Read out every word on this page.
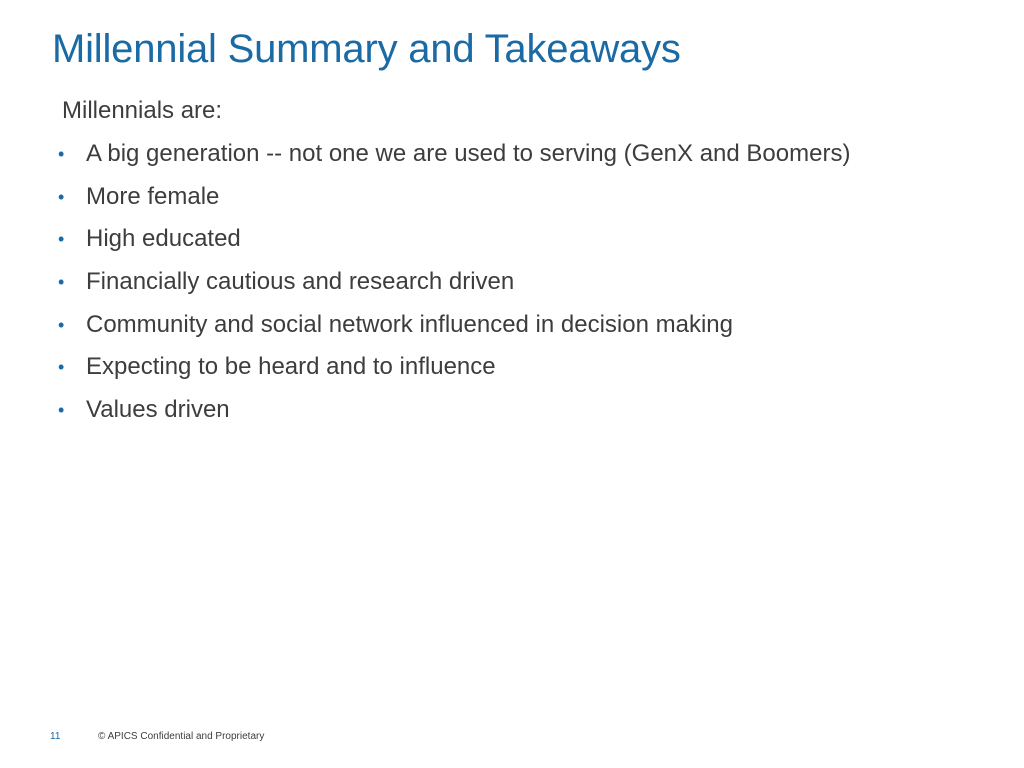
Millennial Summary and Takeaways

Millennials are:

• A big generation -- not one we are used to serving (GenX and Boomers)
• More female
• High educated
• Financially cautious and research driven
• Community and social network influenced in decision making
• Expecting to be heard and to influence
• Values driven
11	© APICS Confidential and Proprietary
